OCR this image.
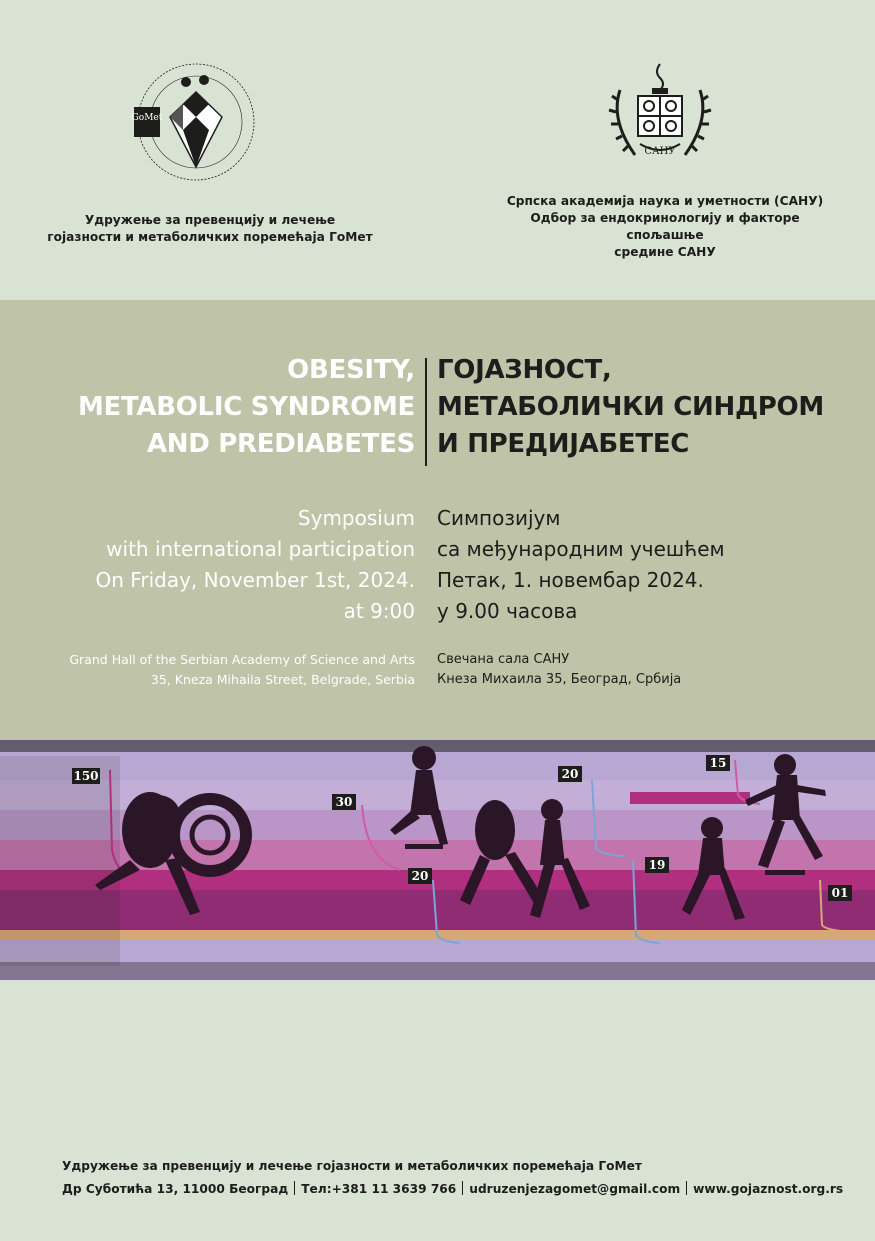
GoMet
САНУ
Удружење за превенцију и лечење
гојазности и метаболичких поремећаја ГоМет
Српска академија наука и уметности (САНУ)
Одбор за ендокринологију и факторе спољашње
средине САНУ
OBESITY,
METABOLIC SYNDROME
AND PREDIABETES
ГОЈАЗНОСТ,
МЕТАБОЛИЧКИ СИНДРОМ
И ПРЕДИЈАБЕТЕС
Symposium
with international participation
On Friday, November 1st, 2024.
at 9:00
Симпозијум
са међународним учешћем
Петак, 1. новембар 2024.
у 9.00 часова
Grand Hall of the Serbian Academy of Science and Arts
35, Kneza Mihaila Street, Belgrade, Serbia
Свечана сала САНУ
Кнеза Михаила 35, Београд, Србија
150
30
20
20
19
15
01
Удружење за превенцију и лечење гојазности и метаболичких поремећаја ГоМет
Др Суботића 13, 11000 Београд Тел:+381 11 3639 766 udruzenjezagomet@gmail.com www.gojaznost.org.rs
